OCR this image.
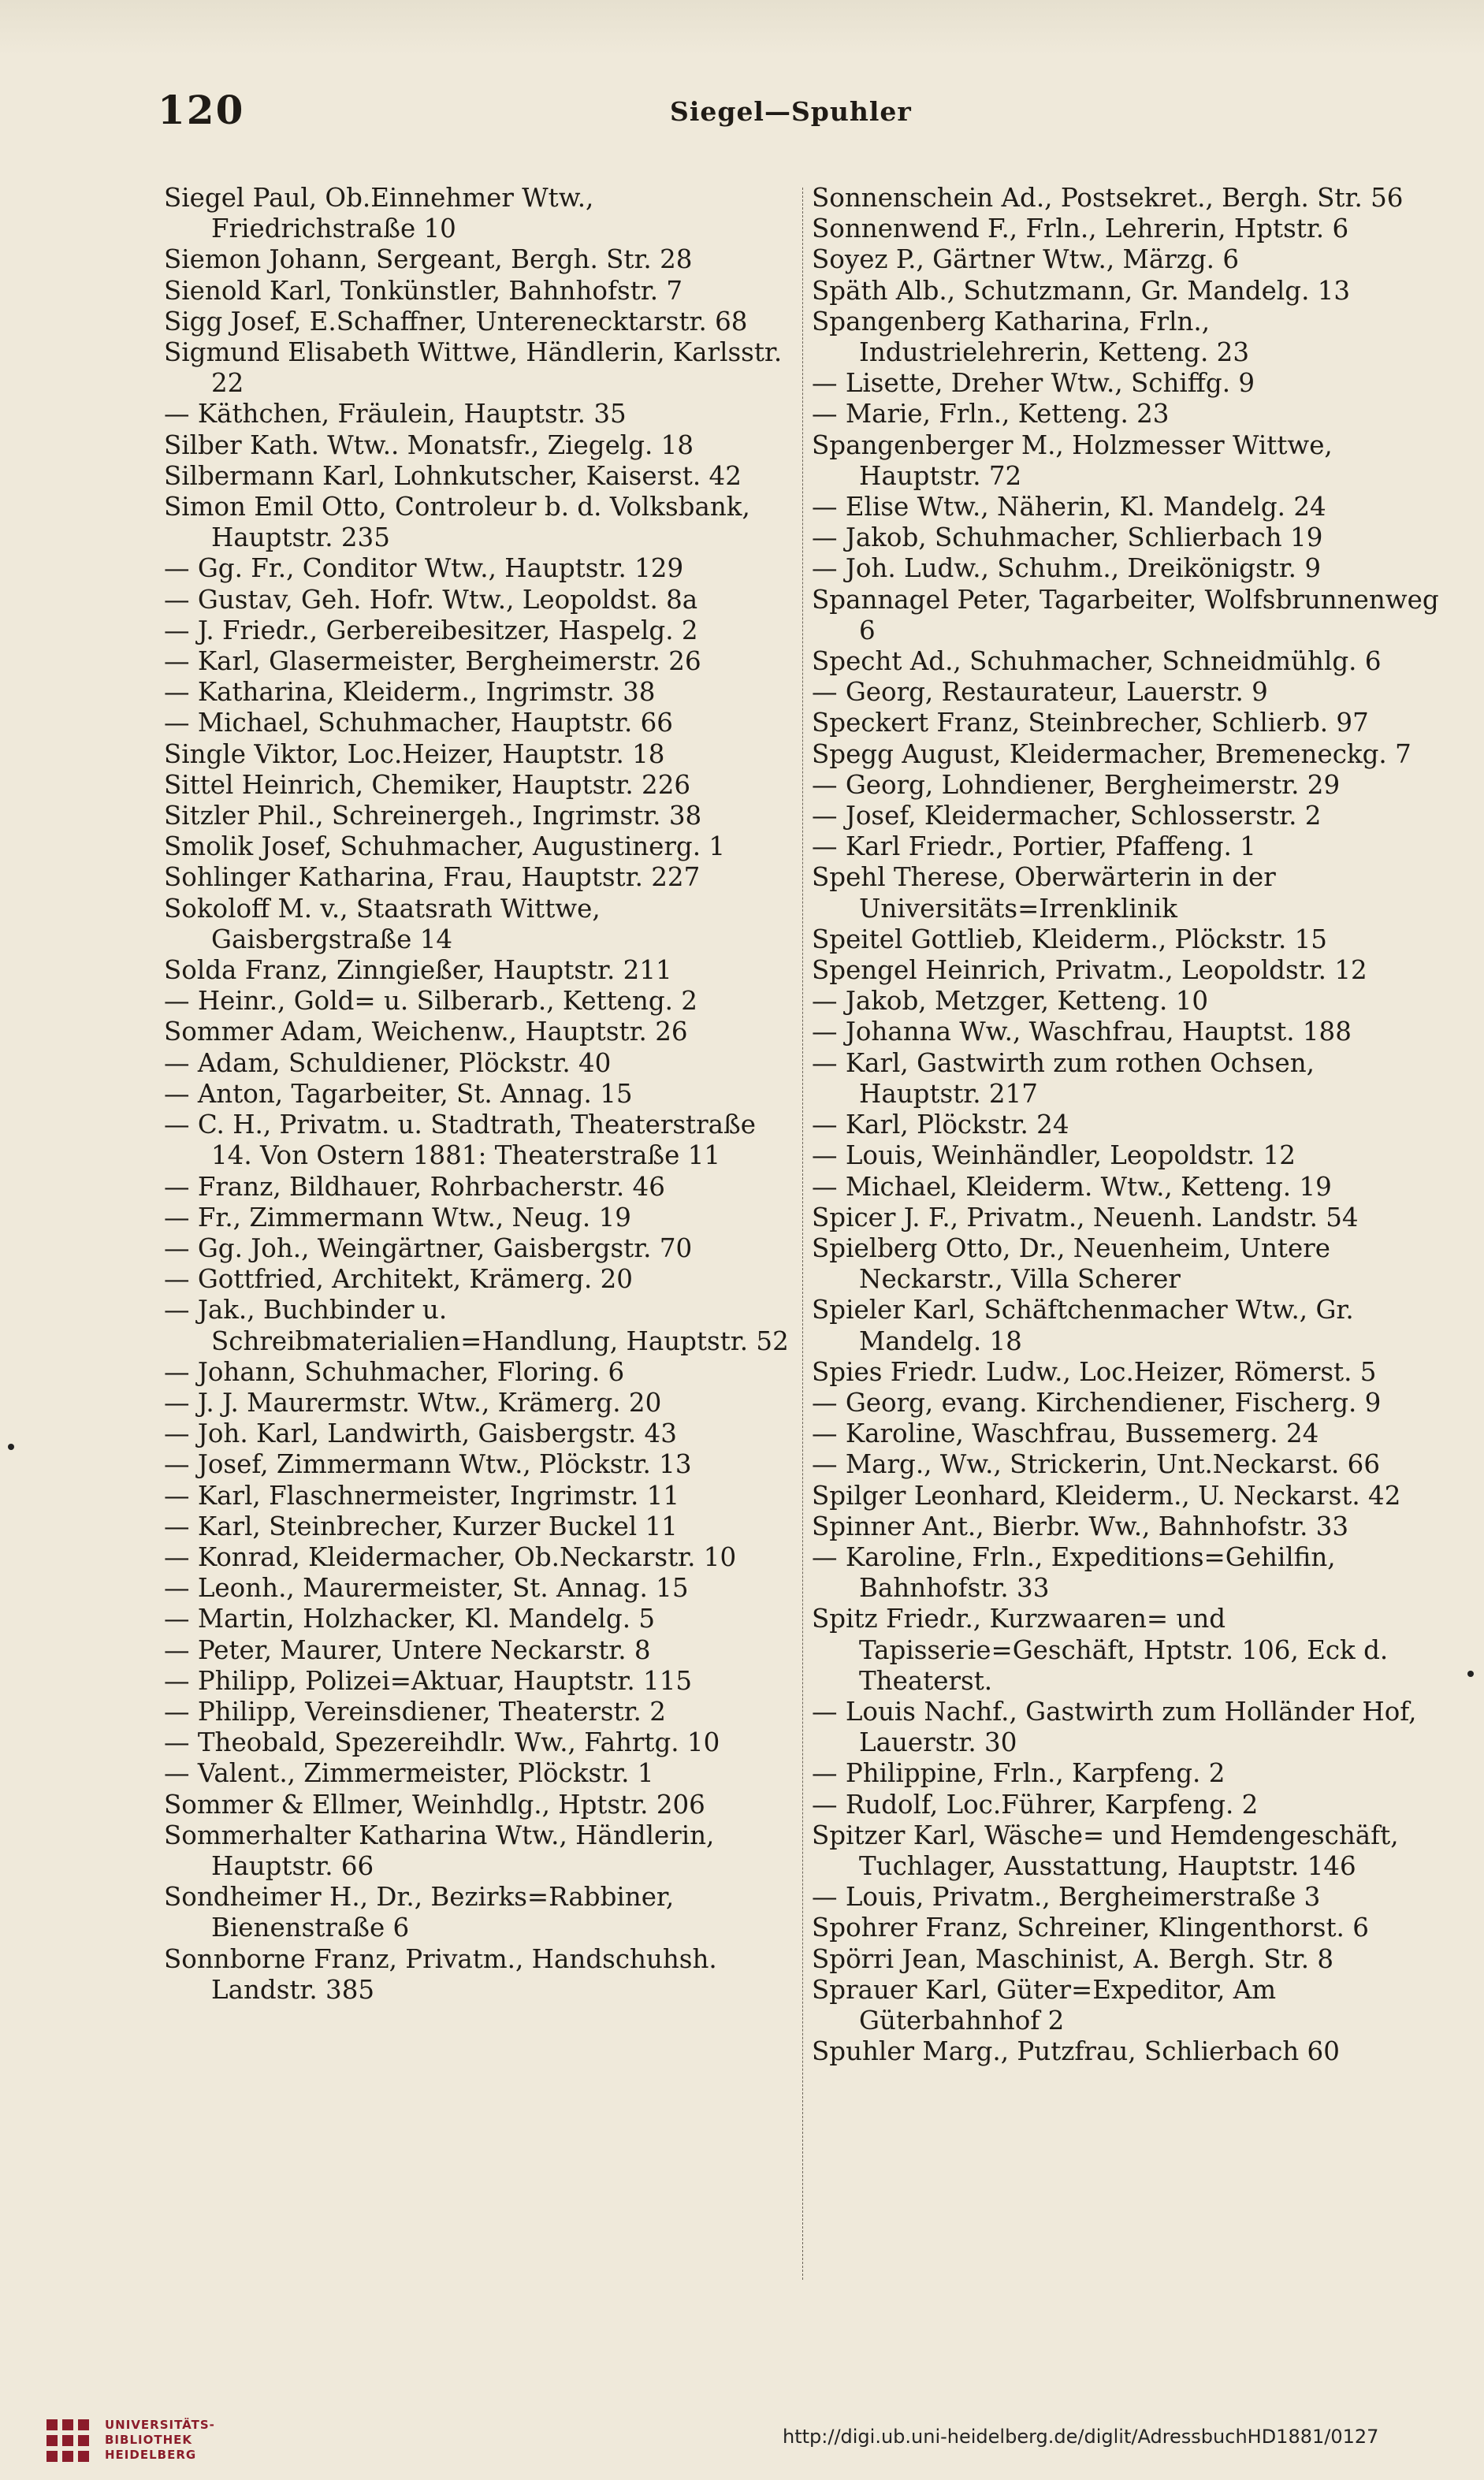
120	Siegel—Spuhler

Siegel Paul, Ob.Einnehmer Wtw., Friedrichstraße 10

Siemon Johann, Sergeant, Bergh. Str. 28

Sienold Karl, Tonkünstler, Bahnhofstr. 7

Sigg Josef, E.Schaffner, Unterenecktarstr. 68

Sigmund Elisabeth Wittwe, Händlerin, Karlsstr. 22

— Käthchen, Fräulein, Hauptstr. 35

Silber Kath. Wtw.. Monatsfr., Ziegelg. 18

Silbermann Karl, Lohnkutscher, Kaiserst. 42

Simon Emil Otto, Controleur b. d. Volksbank, Hauptstr. 235

— Gg. Fr., Conditor Wtw., Hauptstr. 129

— Gustav, Geh. Hofr. Wtw., Leopoldst. 8a

— J. Friedr., Gerbereibesitzer, Haspelg. 2

— Karl, Glasermeister, Bergheimerstr. 26

— Katharina, Kleiderm., Ingrimstr. 38

— Michael, Schuhmacher, Hauptstr. 66

Single Viktor, Loc.Heizer, Hauptstr. 18

Sittel Heinrich, Chemiker, Hauptstr. 226

Sitzler Phil., Schreinergeh., Ingrimstr. 38

Smolik Josef, Schuhmacher, Augustinerg. 1

Sohlinger Katharina, Frau, Hauptstr. 227

Sokoloff M. v., Staatsrath Wittwe, Gaisbergstraße 14

Solda Franz, Zinngießer, Hauptstr. 211

— Heinr., Gold= u. Silberarb., Ketteng. 2

Sommer Adam, Weichenw., Hauptstr. 26

— Adam, Schuldiener, Plöckstr. 40

— Anton, Tagarbeiter, St. Annag. 15

— C. H., Privatm. u. Stadtrath, Theaterstraße 14. Von Ostern 1881: Theaterstraße 11

— Franz, Bildhauer, Rohrbacherstr. 46

— Fr., Zimmermann Wtw., Neug. 19

— Gg. Joh., Weingärtner, Gaisbergstr. 70

— Gottfried, Architekt, Krämerg. 20

— Jak., Buchbinder u. Schreibmaterialien=Handlung, Hauptstr. 52

— Johann, Schuhmacher, Floring. 6

— J. J. Maurermstr. Wtw., Krämerg. 20

— Joh. Karl, Landwirth, Gaisbergstr. 43

— Josef, Zimmermann Wtw., Plöckstr. 13

— Karl, Flaschnermeister, Ingrimstr. 11

— Karl, Steinbrecher, Kurzer Buckel 11

— Konrad, Kleidermacher, Ob.Neckarstr. 10

— Leonh., Maurermeister, St. Annag. 15

— Martin, Holzhacker, Kl. Mandelg. 5

— Peter, Maurer, Untere Neckarstr. 8

— Philipp, Polizei=Aktuar, Hauptstr. 115

— Philipp, Vereinsdiener, Theaterstr. 2

— Theobald, Spezereihdlr. Ww., Fahrtg. 10

— Valent., Zimmermeister, Plöckstr. 1

Sommer & Ellmer, Weinhdlg., Hptstr. 206

Sommerhalter Katharina Wtw., Händlerin, Hauptstr. 66

Sondheimer H., Dr., Bezirks=Rabbiner, Bienenstraße 6

Sonnborne Franz, Privatm., Handschuhsh. Landstr. 385

Sonnenschein Ad., Postsekret., Bergh. Str. 56

Sonnenwend F., Frln., Lehrerin, Hptstr. 6

Soyez P., Gärtner Wtw., Märzg. 6

Späth Alb., Schutzmann, Gr. Mandelg. 13

Spangenberg Katharina, Frln., Industrielehrerin, Ketteng. 23

— Lisette, Dreher Wtw., Schiffg. 9

— Marie, Frln., Ketteng. 23

Spangenberger M., Holzmesser Wittwe, Hauptstr. 72

— Elise Wtw., Näherin, Kl. Mandelg. 24

— Jakob, Schuhmacher, Schlierbach 19

— Joh. Ludw., Schuhm., Dreikönigstr. 9

Spannagel Peter, Tagarbeiter, Wolfsbrunnenweg 6

Specht Ad., Schuhmacher, Schneidmühlg. 6

— Georg, Restaurateur, Lauerstr. 9

Speckert Franz, Steinbrecher, Schlierb. 97

Spegg August, Kleidermacher, Bremeneckg. 7

— Georg, Lohndiener, Bergheimerstr. 29

— Josef, Kleidermacher, Schlosserstr. 2

— Karl Friedr., Portier, Pfaffeng. 1

Spehl Therese, Oberwärterin in der Universitäts=Irrenklinik

Speitel Gottlieb, Kleiderm., Plöckstr. 15

Spengel Heinrich, Privatm., Leopoldstr. 12

— Jakob, Metzger, Ketteng. 10

— Johanna Ww., Waschfrau, Hauptst. 188

— Karl, Gastwirth zum rothen Ochsen, Hauptstr. 217

— Karl, Plöckstr. 24

— Louis, Weinhändler, Leopoldstr. 12

— Michael, Kleiderm. Wtw., Ketteng. 19

Spicer J. F., Privatm., Neuenh. Landstr. 54

Spielberg Otto, Dr., Neuenheim, Untere Neckarstr., Villa Scherer

Spieler Karl, Schäftchenmacher Wtw., Gr. Mandelg. 18

Spies Friedr. Ludw., Loc.Heizer, Römerst. 5

— Georg, evang. Kirchendiener, Fischerg. 9

— Karoline, Waschfrau, Bussemerg. 24

— Marg., Ww., Strickerin, Unt.Neckarst. 66

Spilger Leonhard, Kleiderm., U. Neckarst. 42

Spinner Ant., Bierbr. Ww., Bahnhofstr. 33

— Karoline, Frln., Expeditions=Gehilfin, Bahnhofstr. 33

Spitz Friedr., Kurzwaaren= und Tapisserie=Geschäft, Hptstr. 106, Eck d. Theaterst.

— Louis Nachf., Gastwirth zum Holländer Hof, Lauerstr. 30

— Philippine, Frln., Karpfeng. 2

— Rudolf, Loc.Führer, Karpfeng. 2

Spitzer Karl, Wäsche= und Hemdengeschäft, Tuchlager, Ausstattung, Hauptstr. 146

— Louis, Privatm., Bergheimerstraße 3

Spohrer Franz, Schreiner, Klingenthorst. 6

Spörri Jean, Maschinist, A. Bergh. Str. 8

Sprauer Karl, Güter=Expeditor, Am Güterbahnhof 2

Spuhler Marg., Putzfrau, Schlierbach 60

UNIVERSITÄTS-
BIBLIOTHEK
HEIDELBERG
http://digi.ub.uni-heidelberg.de/diglit/AdressbuchHD1881/0127
